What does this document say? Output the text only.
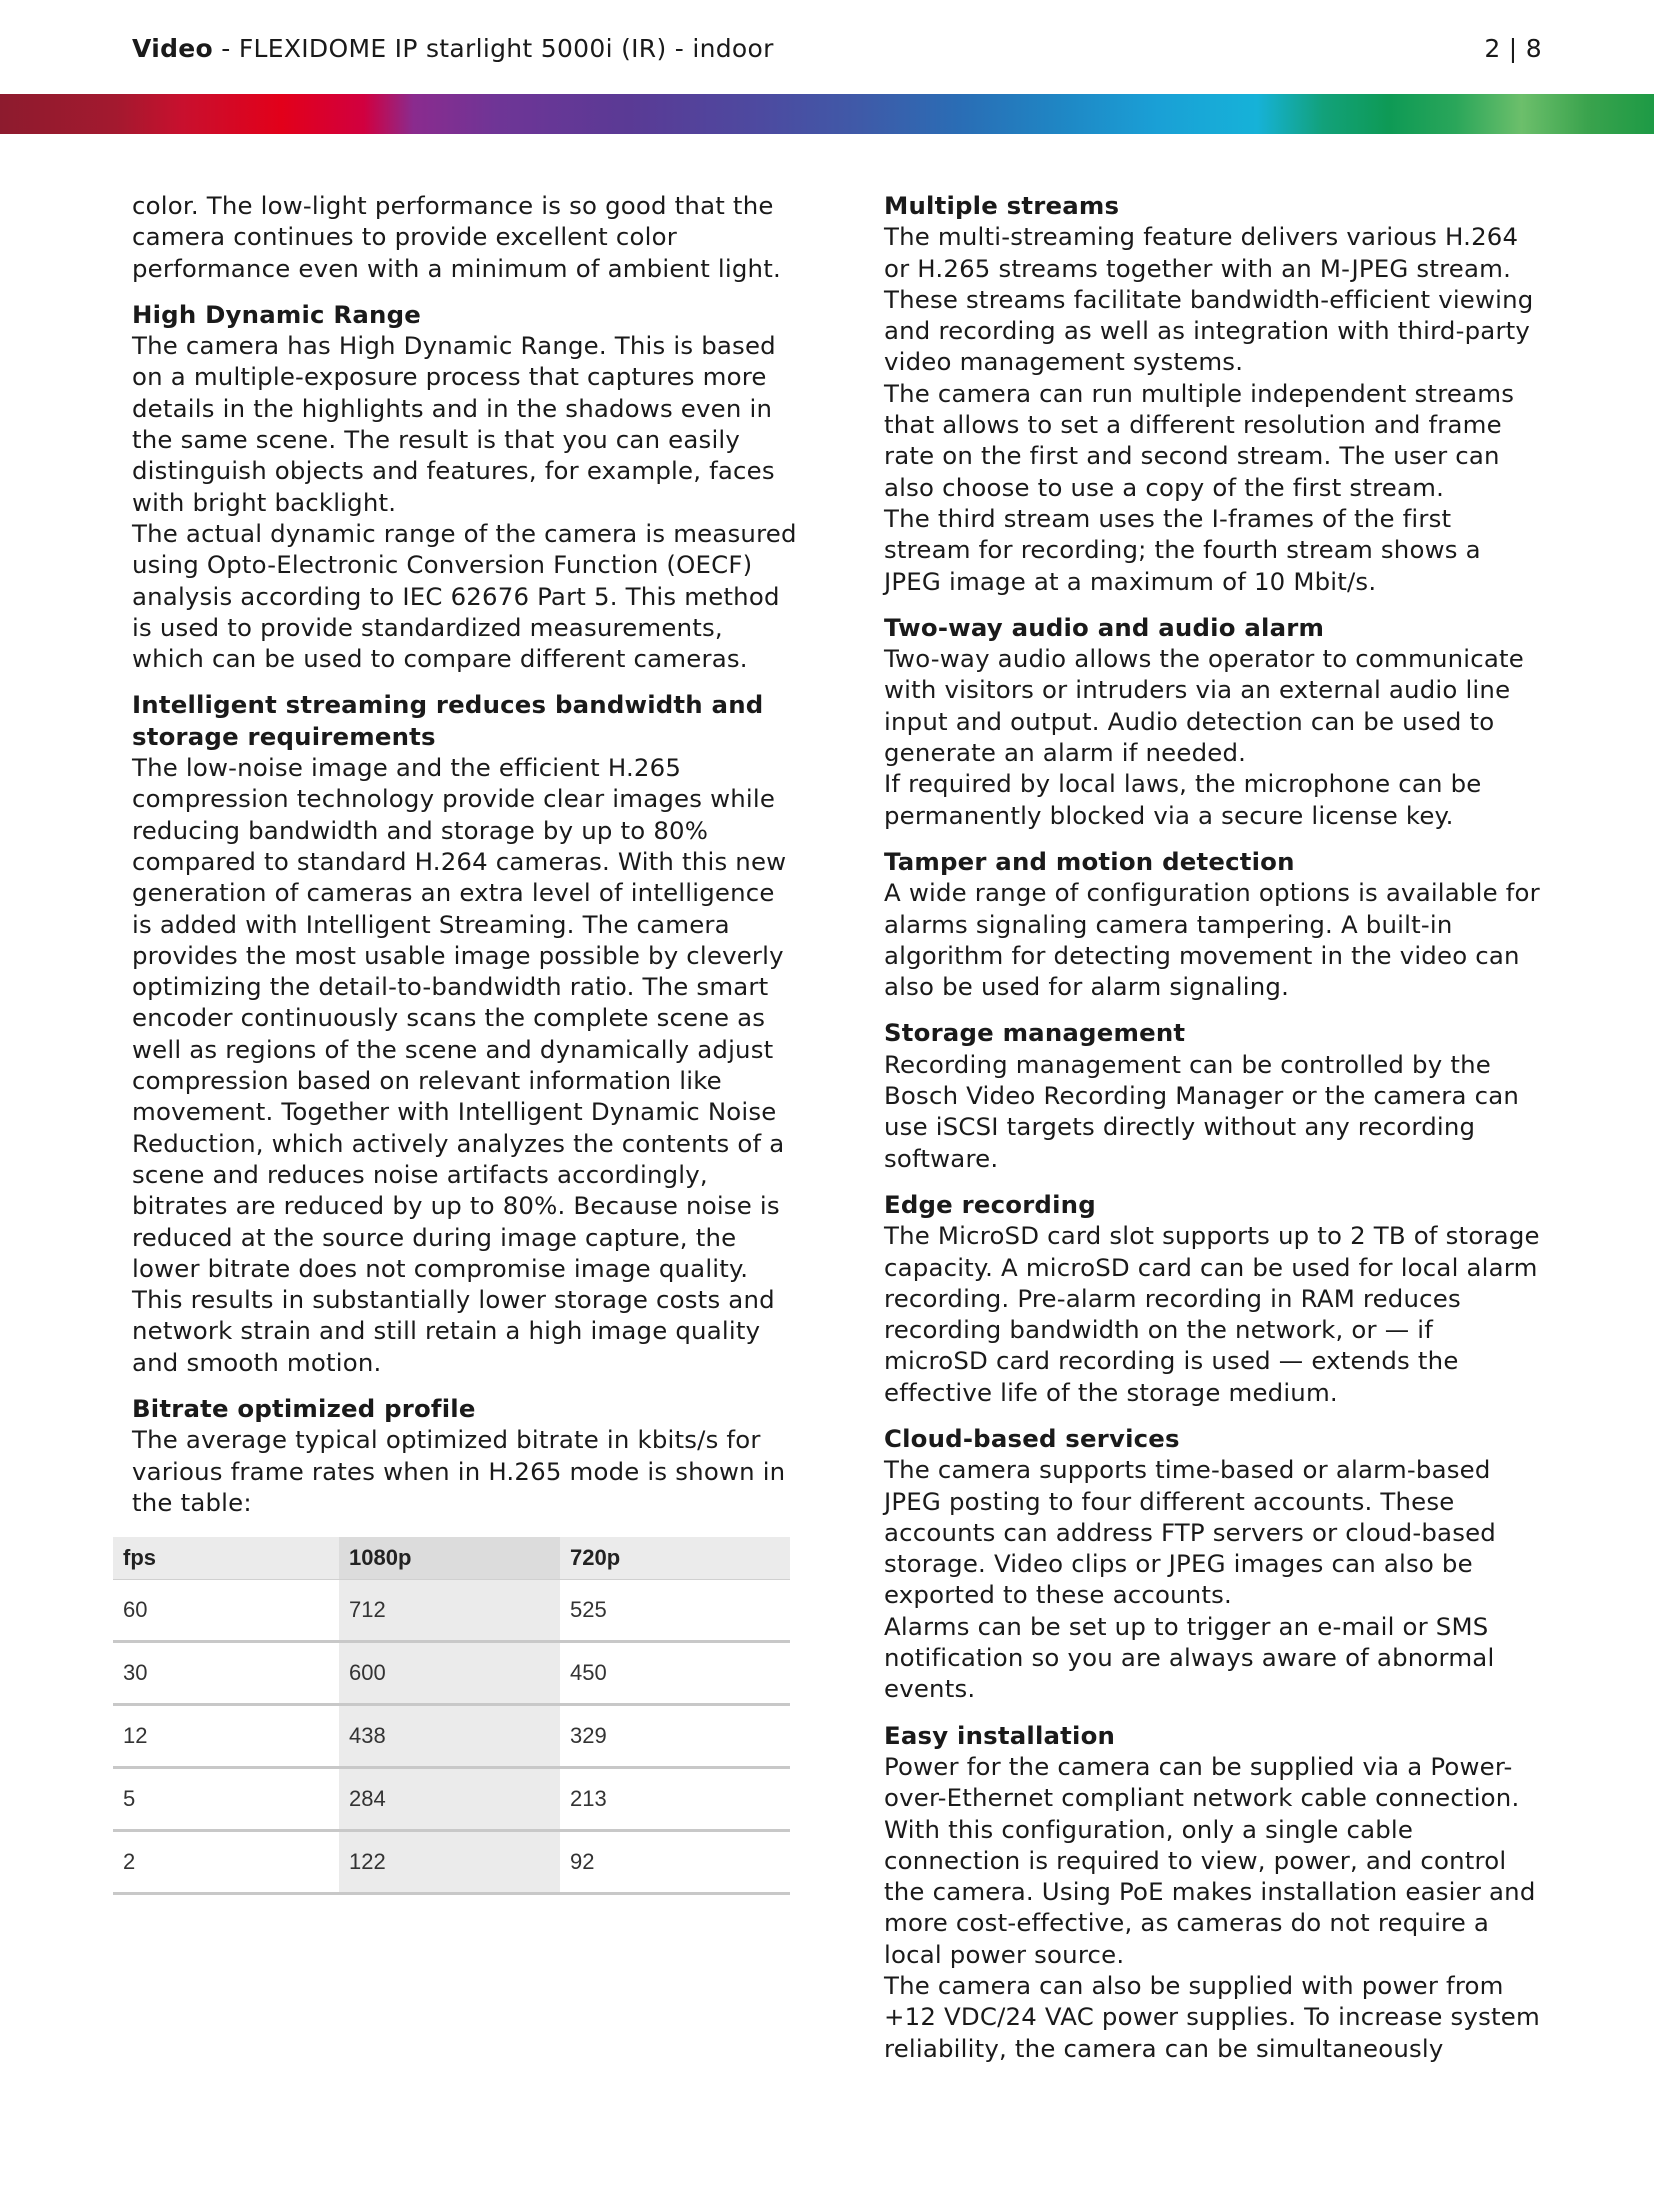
Video - FLEXIDOME IP starlight 5000i (IR) - indoor	2 | 8

color. The low-light performance is so good that the camera continues to provide excellent color performance even with a minimum of ambient light.

High Dynamic Range

The camera has High Dynamic Range. This is based on a multiple-exposure process that captures more details in the highlights and in the shadows even in the same scene. The result is that you can easily distinguish objects and features, for example, faces with bright backlight.

The actual dynamic range of the camera is measured using Opto-Electronic Conversion Function (OECF) analysis according to IEC 62676 Part 5. This method is used to provide standardized measurements, which can be used to compare different cameras.

Intelligent streaming reduces bandwidth and storage requirements

The low-noise image and the efficient H.265 compression technology provide clear images while reducing bandwidth and storage by up to 80% compared to standard H.264 cameras. With this new generation of cameras an extra level of intelligence is added with Intelligent Streaming. The camera provides the most usable image possible by cleverly optimizing the detail-to-bandwidth ratio. The smart encoder continuously scans the complete scene as well as regions of the scene and dynamically adjust compression based on relevant information like movement. Together with Intelligent Dynamic Noise Reduction, which actively analyzes the contents of a scene and reduces noise artifacts accordingly, bitrates are reduced by up to 80%. Because noise is reduced at the source during image capture, the lower bitrate does not compromise image quality. This results in substantially lower storage costs and network strain and still retain a high image quality and smooth motion.

Bitrate optimized profile

The average typical optimized bitrate in kbits/s for various frame rates when in H.265 mode is shown in the table:

fps	1080p	720p
60	712	525
30	600	450
12	438	329
5	284	213
2	122	92
Multiple streams

The multi-streaming feature delivers various H.264 or H.265 streams together with an M-JPEG stream. These streams facilitate bandwidth-efficient viewing and recording as well as integration with third-party video management systems.

The camera can run multiple independent streams that allows to set a different resolution and frame rate on the first and second stream. The user can also choose to use a copy of the first stream.

The third stream uses the I-frames of the first stream for recording; the fourth stream shows a JPEG image at a maximum of 10 Mbit/s.

Two-way audio and audio alarm

Two-way audio allows the operator to communicate with visitors or intruders via an external audio line input and output. Audio detection can be used to generate an alarm if needed.

If required by local laws, the microphone can be permanently blocked via a secure license key.

Tamper and motion detection

A wide range of configuration options is available for alarms signaling camera tampering. A built-in algorithm for detecting movement in the video can also be used for alarm signaling.

Storage management

Recording management can be controlled by the Bosch Video Recording Manager or the camera can use iSCSI targets directly without any recording software.

Edge recording

The MicroSD card slot supports up to 2 TB of storage capacity. A microSD card can be used for local alarm recording. Pre-alarm recording in RAM reduces recording bandwidth on the network, or — if microSD card recording is used — extends the effective life of the storage medium.

Cloud-based services

The camera supports time-based or alarm-based JPEG posting to four different accounts. These accounts can address FTP servers or cloud-based storage. Video clips or JPEG images can also be exported to these accounts.

Alarms can be set up to trigger an e-mail or SMS notification so you are always aware of abnormal events.

Easy installation

Power for the camera can be supplied via a Power-over-Ethernet compliant network cable connection. With this configuration, only a single cable connection is required to view, power, and control the camera. Using PoE makes installation easier and more cost-effective, as cameras do not require a local power source.

The camera can also be supplied with power from +12 VDC/24 VAC power supplies. To increase system reliability, the camera can be simultaneously
